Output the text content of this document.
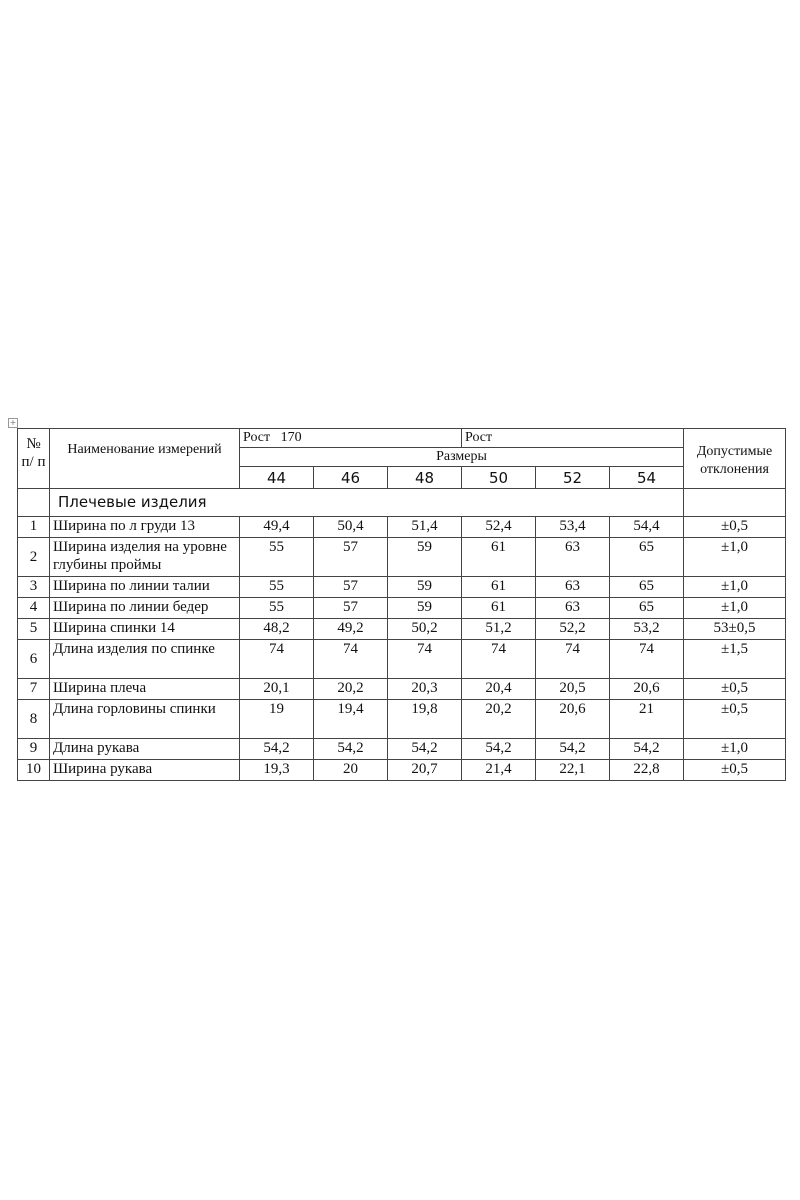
+
№ п/ п	Наименование измерений	Рост   170			Рост			Допустимые отклонения
		Размеры						
		44	46	48	50	52	54	
	Плечевые изделия							
1	Ширина по л груди 13	49,4	50,4	51,4	52,4	53,4	54,4	±0,5
2	Ширина изделия на уровне глубины проймы	55	57	59	61	63	65	±1,0
3	Ширина по линии талии	55	57	59	61	63	65	±1,0
4	Ширина по линии бедер	55	57	59	61	63	65	±1,0
5	Ширина спинки 14	48,2	49,2	50,2	51,2	52,2	53,2	53±0,5
6	Длина изделия по спинке	74	74	74	74	74	74	±1,5
7	Ширина плеча	20,1	20,2	20,3	20,4	20,5	20,6	±0,5
8	Длина горловины спинки	19	19,4	19,8	20,2	20,6	21	±0,5
9	Длина рукава	54,2	54,2	54,2	54,2	54,2	54,2	±1,0
10	Ширина рукава	19,3	20	20,7	21,4	22,1	22,8	±0,5
